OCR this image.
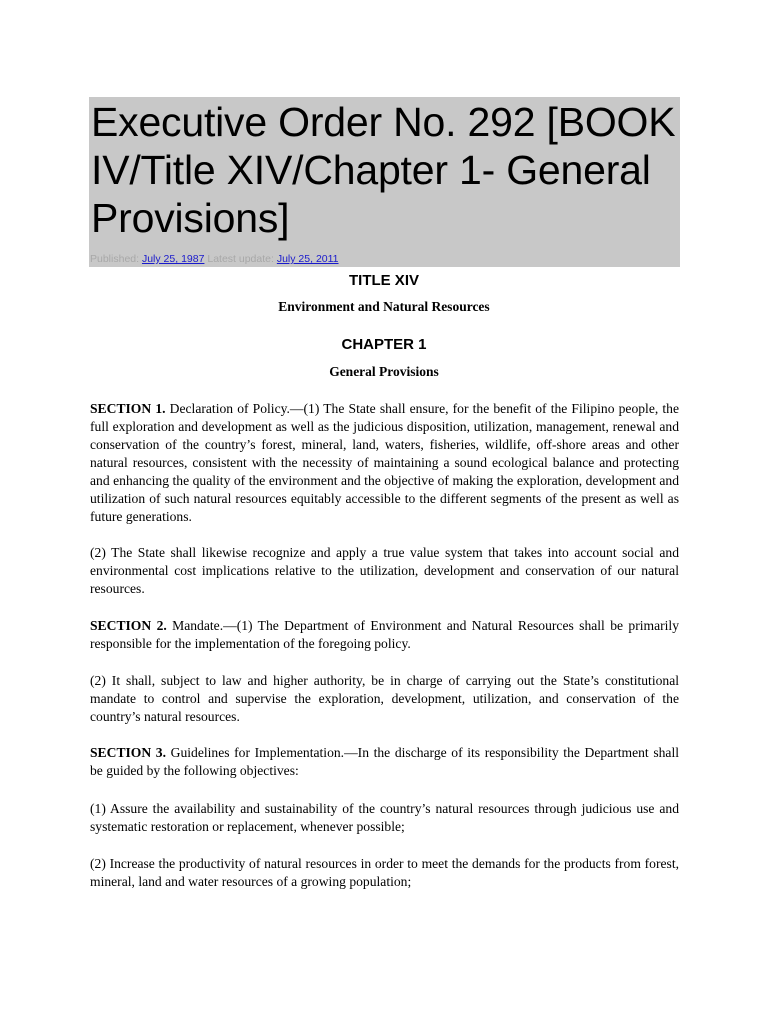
Executive Order No. 292 [BOOK IV/Title XIV/Chapter 1- General Provisions]
Published: July 25, 1987 Latest update: July 25, 2011
TITLE XIV
Environment and Natural Resources
CHAPTER 1
General Provisions

SECTION 1. Declaration of Policy.—(1) The State shall ensure, for the benefit of the Filipino people, the full exploration and development as well as the judicious disposition, utilization, management, renewal and conservation of the country’s forest, mineral, land, waters, fisheries, wildlife, off-shore areas and other natural resources, consistent with the necessity of maintaining a sound ecological balance and protecting and enhancing the quality of the environment and the objective of making the exploration, development and utilization of such natural resources equitably accessible to the different segments of the present as well as future generations.

(2) The State shall likewise recognize and apply a true value system that takes into account social and environmental cost implications relative to the utilization, development and conservation of our natural resources.

SECTION 2. Mandate.—(1) The Department of Environment and Natural Resources shall be primarily responsible for the implementation of the foregoing policy.

(2) It shall, subject to law and higher authority, be in charge of carrying out the State’s constitutional mandate to control and supervise the exploration, development, utilization, and conservation of the country’s natural resources.

SECTION 3. Guidelines for Implementation.—In the discharge of its responsibility the Department shall be guided by the following objectives:

(1) Assure the availability and sustainability of the country’s natural resources through judicious use and systematic restoration or replacement, whenever possible;

(2) Increase the productivity of natural resources in order to meet the demands for the products from forest, mineral, land and water resources of a growing population;
